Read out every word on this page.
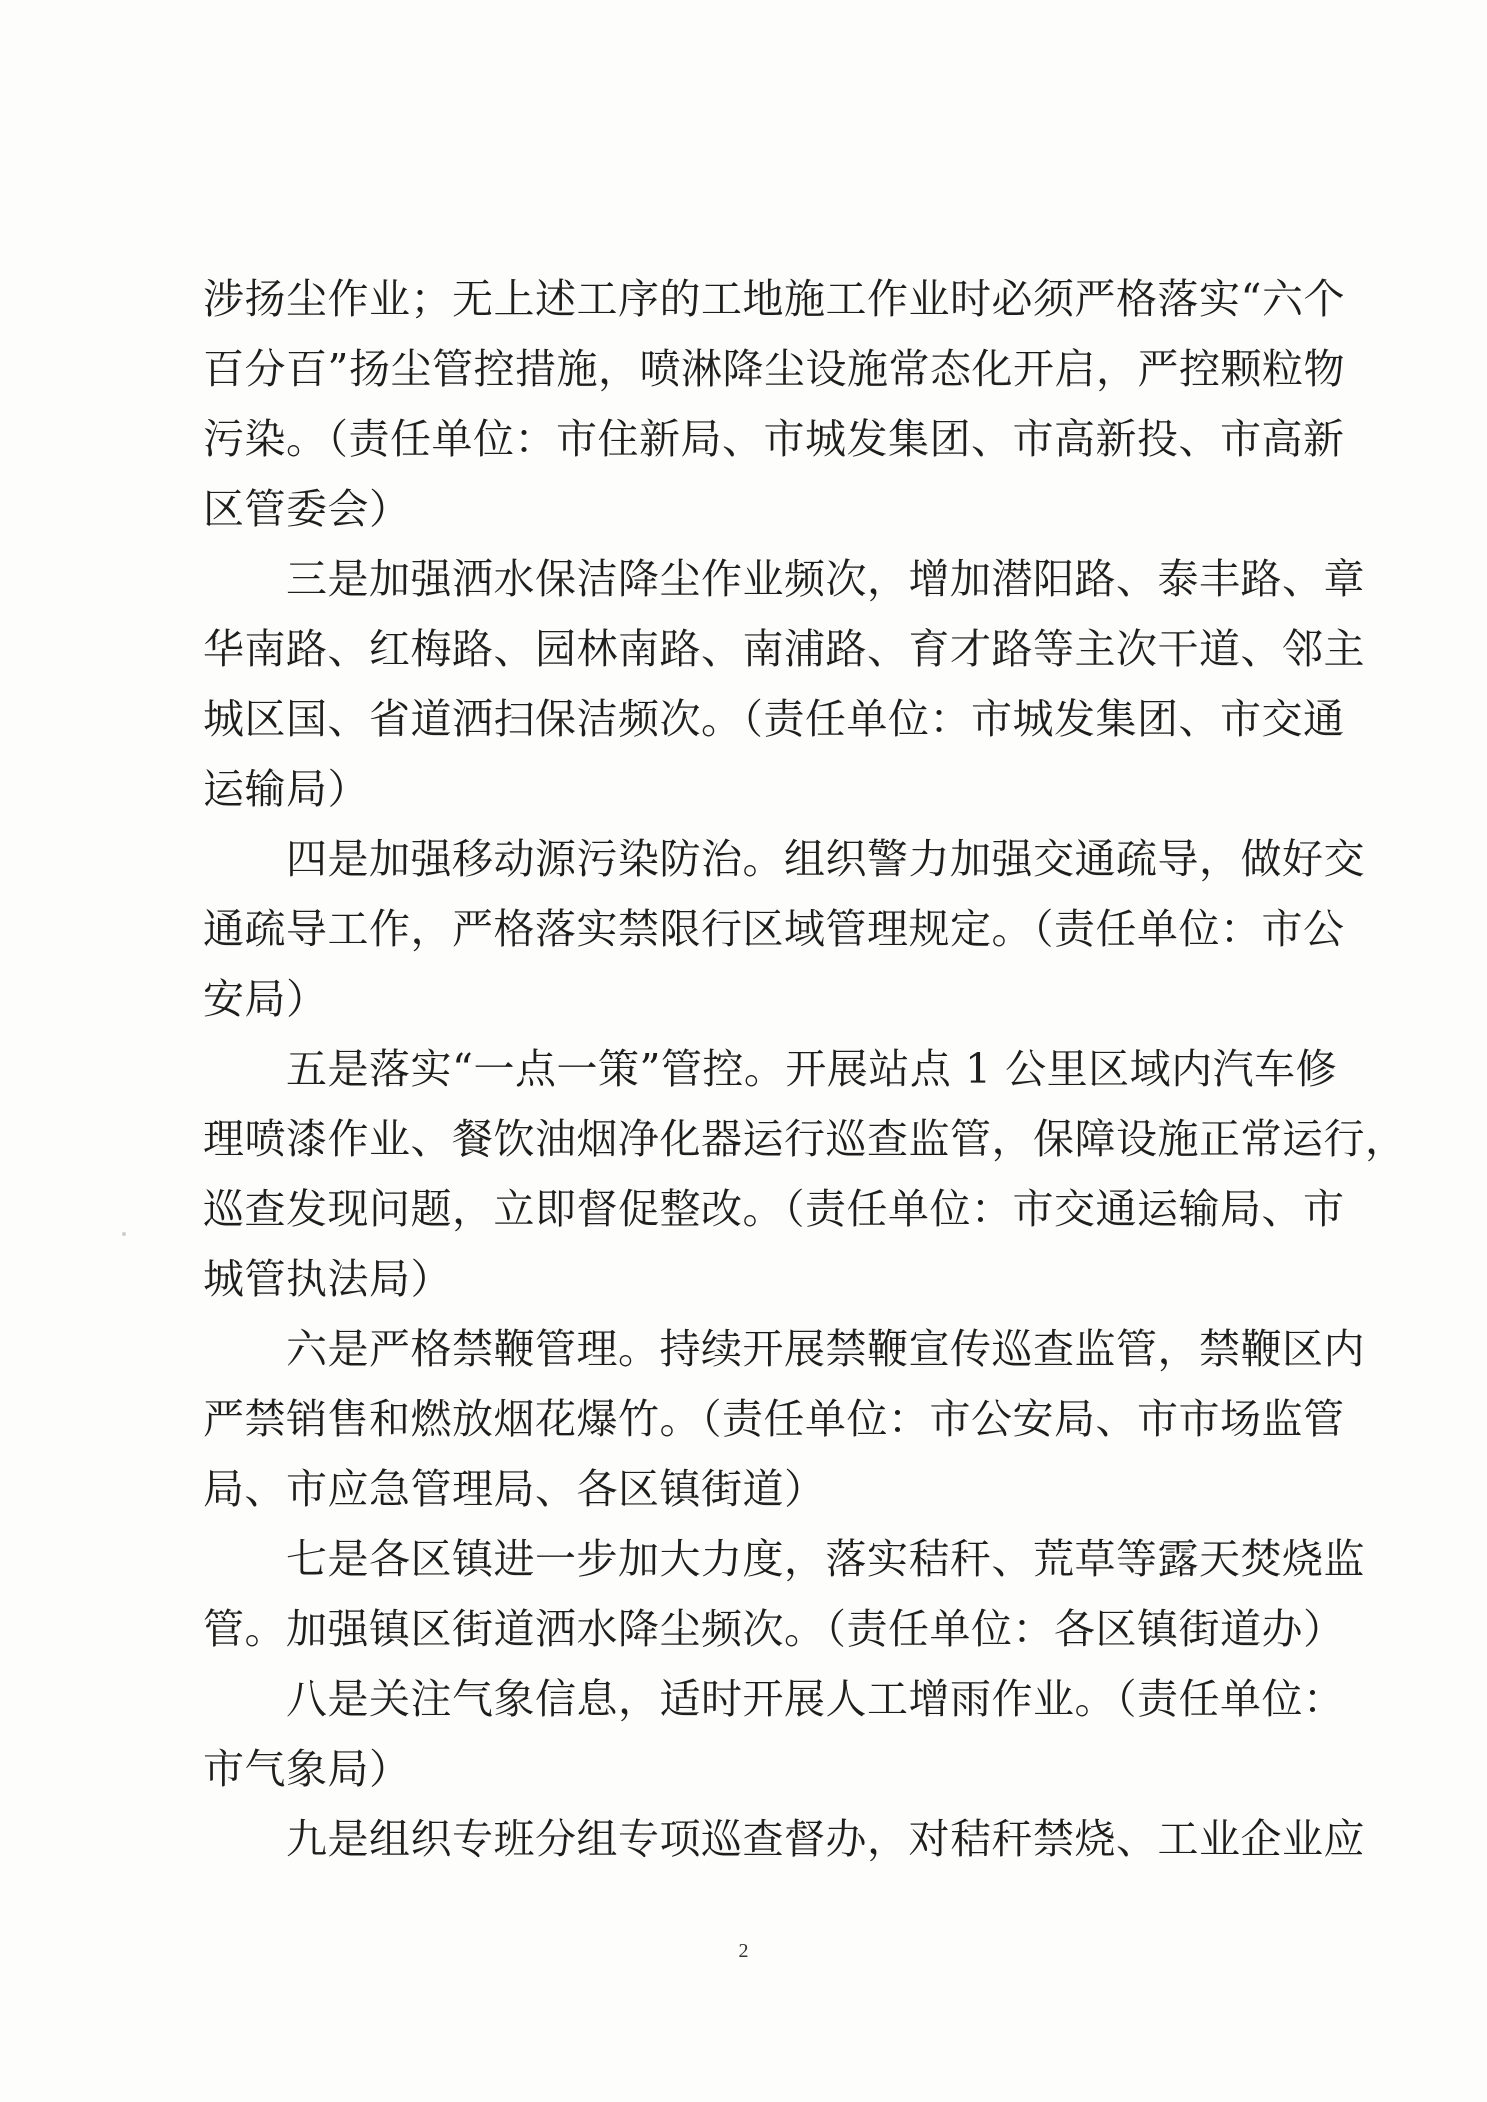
涉扬尘作业；无上述工序的工地施工作业时必须严格落实“六个
百分百”扬尘管控措施，喷淋降尘设施常态化开启，严控颗粒物
污染。（责任单位：市住新局、市城发集团、市高新投、市高新
区管委会）
三是加强洒水保洁降尘作业频次，增加潜阳路、泰丰路、章
华南路、红梅路、园林南路、南浦路、育才路等主次干道、邻主
城区国、省道洒扫保洁频次。（责任单位：市城发集团、市交通
运输局）
四是加强移动源污染防治。组织警力加强交通疏导，做好交
通疏导工作，严格落实禁限行区域管理规定。（责任单位：市公
安局）
五是落实“一点一策”管控。开展站点 1 公里区域内汽车修
理喷漆作业、餐饮油烟净化器运行巡查监管，保障设施正常运行，
巡查发现问题，立即督促整改。（责任单位：市交通运输局、市
城管执法局）
六是严格禁鞭管理。持续开展禁鞭宣传巡查监管，禁鞭区内
严禁销售和燃放烟花爆竹。（责任单位：市公安局、市市场监管
局、市应急管理局、各区镇街道）
七是各区镇进一步加大力度，落实秸秆、荒草等露天焚烧监
管。加强镇区街道洒水降尘频次。（责任单位：各区镇街道办）
八是关注气象信息，适时开展人工增雨作业。（责任单位：
市气象局）
九是组织专班分组专项巡查督办，对秸秆禁烧、工业企业应
2
